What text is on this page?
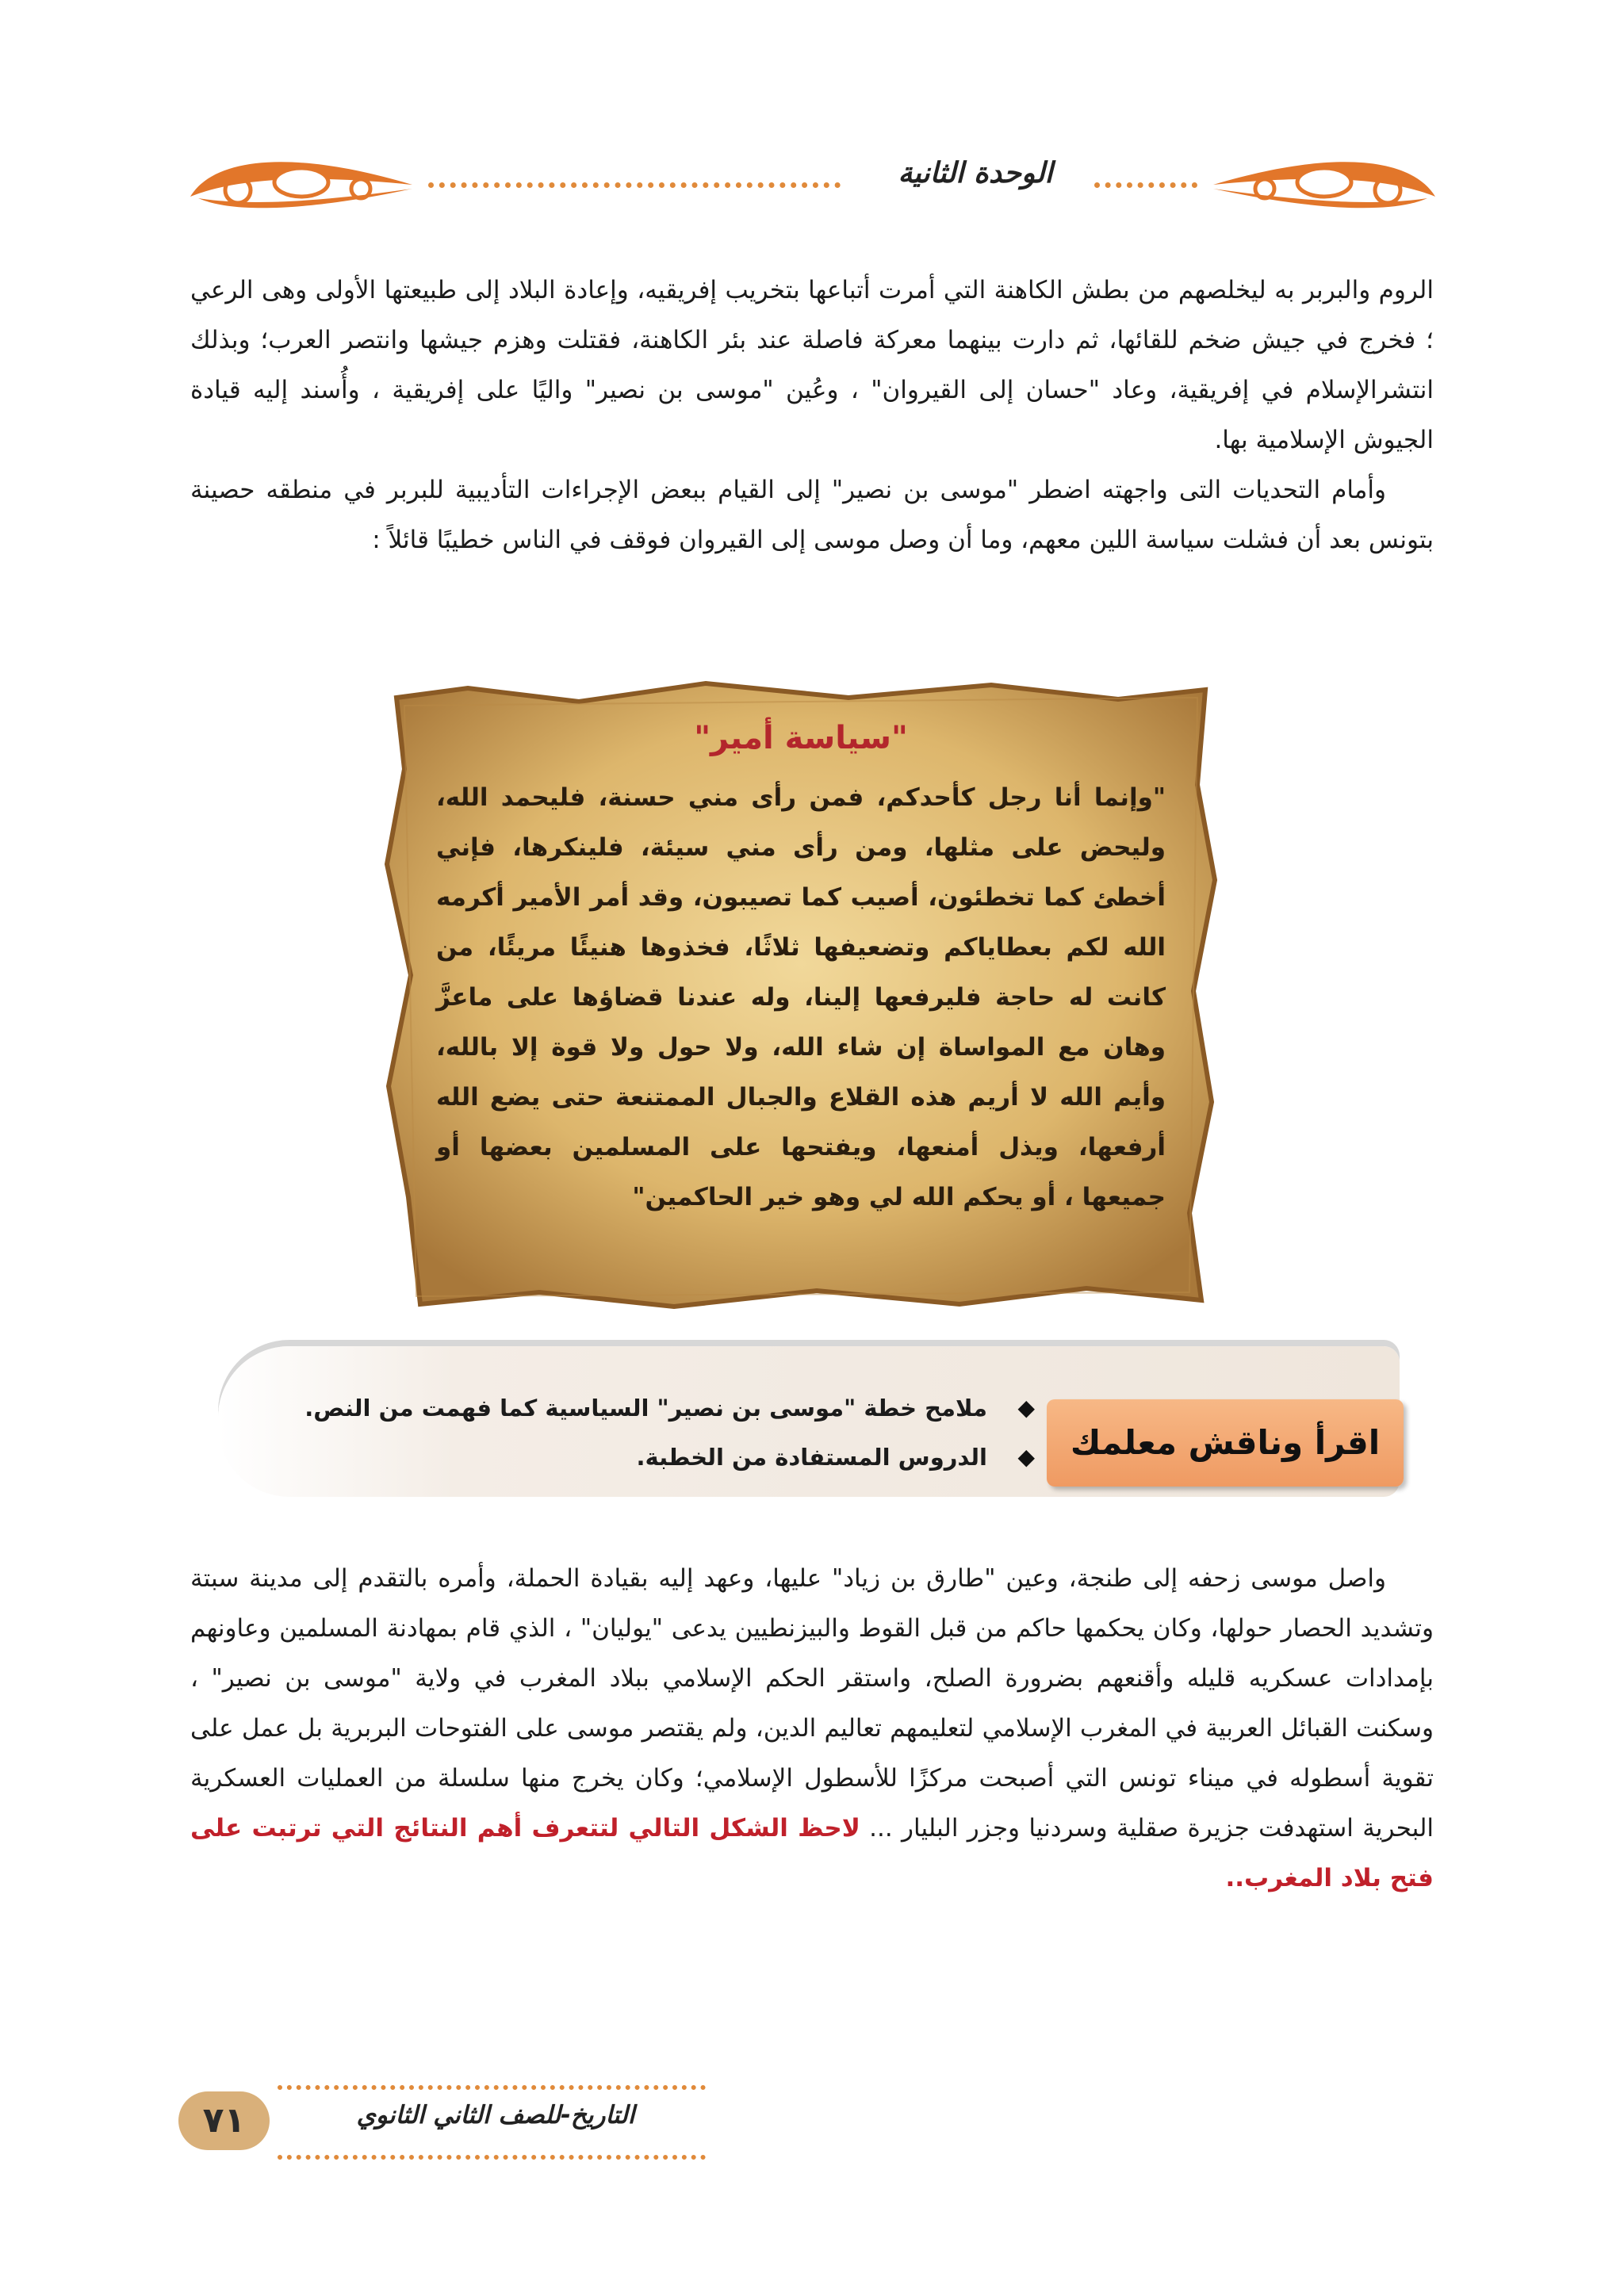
الوحدة الثانية

الروم والبربر به ليخلصهم من بطش الكاهنة التي أمرت أتباعها بتخريب إفريقيه، وإعادة البلاد إلى طبيعتها الأولى وهى الرعي ؛ فخرج في جيش ضخم للقائها، ثم دارت بينهما معركة فاصلة عند بئر الكاهنة، فقتلت وهزم جيشها وانتصر العرب؛ وبذلك انتشرالإسلام في إفريقية، وعاد "حسان إلى القيروان" ، وعُين "موسى بن نصير" واليًا على إفريقية ، وأُسند إليه قيادة الجيوش الإسلامية بها.

وأمام التحديات التى واجهته اضطر "موسى بن نصير" إلى القيام ببعض الإجراءات التأديبية للبربر في منطقه حصينة بتونس بعد أن فشلت سياسة اللين معهم، وما أن وصل موسى إلى القيروان فوقف في الناس خطيبًا قائلاً :

"سياسة أمير"
"وإنما أنا رجل كأحدكم، فمن رأى مني حسنة، فليحمد الله، وليحض على مثلها، ومن رأى مني سيئة، فلينكرها، فإني أخطئ كما تخطئون، أصيب كما تصيبون، وقد أمر الأمير أكرمه الله لكم بعطاياكم وتضعيفها ثلاثًا، فخذوها هنيئًا مريئًا، من كانت له حاجة فليرفعها إلينا، وله عندنا قضاؤها على ماعزَّ وهان مع المواساة إن شاء الله، ولا حول ولا قوة إلا بالله، وأيم الله لا أريم هذه القلاع والجبال الممتنعة حتى يضع الله أرفعها، ويذل أمنعها، ويفتحها على المسلمين بعضها أو جميعها ، أو يحكم الله لي وهو خير الحاكمين"
◆
ملامح خطة "موسى بن نصير" السياسية كما فهمت من النص.
◆
الدروس المستفادة من الخطبة.	اقرأ وناقش معلمك

واصل موسى زحفه إلى طنجة، وعين "طارق بن زياد" عليها، وعهد إليه بقيادة الحملة، وأمره بالتقدم إلى مدينة سبتة وتشديد الحصار حولها، وكان يحكمها حاكم من قبل القوط والبيزنطيين يدعى "يوليان" ، الذي قام بمهادنة المسلمين وعاونهم بإمدادات عسكريه قليله وأقنعهم بضرورة الصلح، واستقر الحكم الإسلامي ببلاد المغرب في ولاية "موسى بن نصير" ، وسكنت القبائل العربية في المغرب الإسلامي لتعليمهم تعاليم الدين، ولم يقتصر موسى على الفتوحات البربرية بل عمل على تقوية أسطوله في ميناء تونس التي أصبحت مركزًا للأسطول الإسلامي؛ وكان يخرج منها سلسلة من العمليات العسكرية البحرية استهدفت جزيرة صقلية وسردنيا وجزر البليار ... لاحظ الشكل التالي لتتعرف أهم النتائج التي ترتبت على فتح بلاد المغرب..

٧١	التاريخ-للصف الثاني الثانوي
